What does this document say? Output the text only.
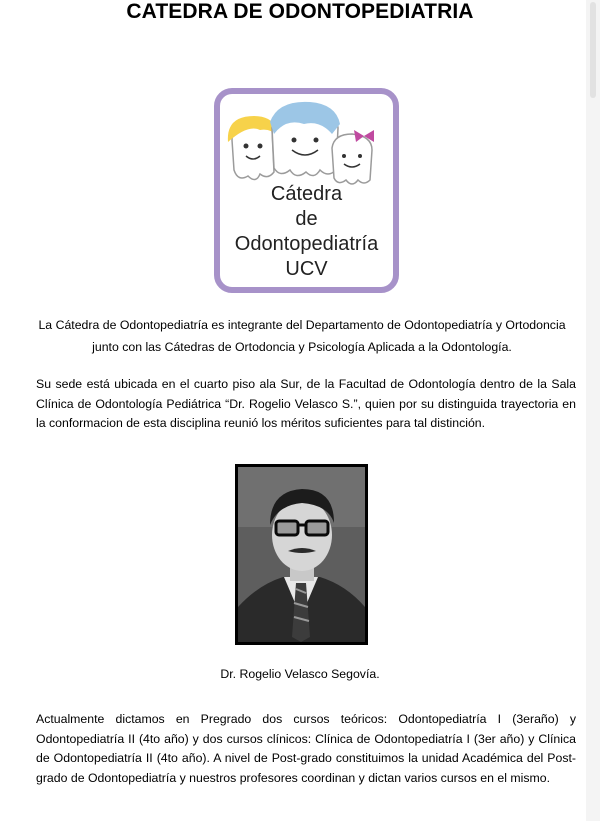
CATEDRA DE ODONTOPEDIATRIA
Cátedra
de
Odontopediatría
UCV

La Cátedra de Odontopediatría es integrante del Departamento de Odontopediatría y Ortodoncia junto con las Cátedras de Ortodoncia y Psicología Aplicada a la Odontología.

Su sede está ubicada en el cuarto piso ala Sur, de la Facultad de Odontología dentro de la Sala Clínica de Odontología Pediátrica “Dr. Rogelio Velasco S.”, quien por su distinguida trayectoria en la conformacion de esta disciplina reunió los méritos suficientes para tal distinción.

Dr. Rogelio Velasco Segovía.

Actualmente dictamos en Pregrado dos cursos teóricos: Odontopediatría I (3eraño) y Odontopediatría II (4to año) y dos cursos clínicos: Clínica de Odontopediatría I (3er año) y Clínica de Odontopediatría II (4to año). A nivel de Post-grado constituimos la unidad Académica del Post-grado de Odontopediatría y nuestros profesores coordinan y dictan varios cursos en el mismo.
